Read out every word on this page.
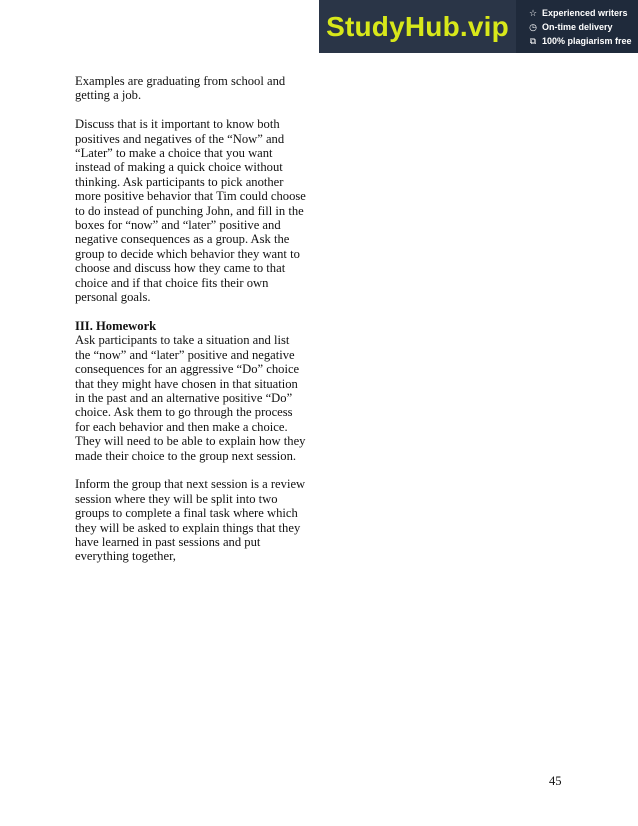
StudyHub.vip	☆ Experienced writers
◷ On-time delivery
⧉ 100% plagiarism free

Examples are graduating from school and getting a job.

Discuss that is it important to know both positives and negatives of the “Now” and “Later” to make a choice that you want instead of making a quick choice without thinking. Ask participants to pick another more positive behavior that Tim could choose to do instead of punching John, and fill in the boxes for “now” and “later” positive and negative consequences as a group. Ask the group to decide which behavior they want to choose and discuss how they came to that choice and if that choice fits their own personal goals.

III. Homework

Ask participants to take a situation and list the “now” and “later” positive and negative consequences for an aggressive “Do” choice that they might have chosen in that situation in the past and an alternative positive “Do” choice. Ask them to go through the process for each behavior and then make a choice. They will need to be able to explain how they made their choice to the group next session.

Inform the group that next session is a review session where they will be split into two groups to complete a final task where which they will be asked to explain things that they have learned in past sessions and put everything together,

45
